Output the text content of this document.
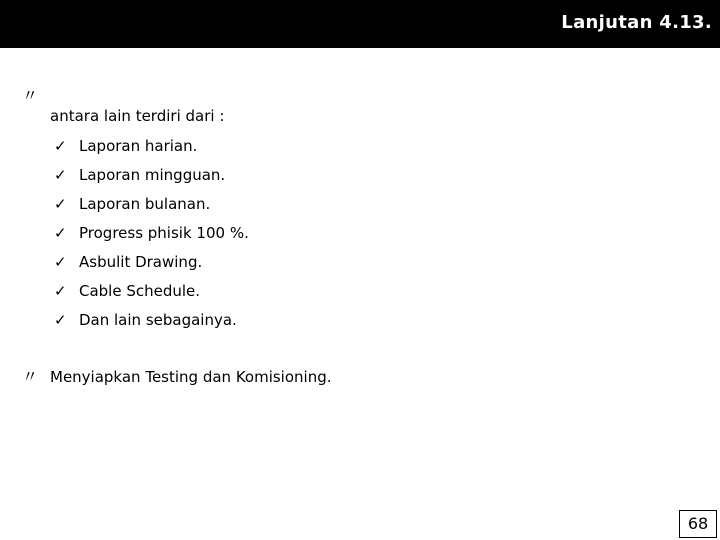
Lanjutan 4.13.
〃
antara lain terdiri dari :
✓ Laporan harian.
✓ Laporan mingguan.
✓ Laporan bulanan.
✓ Progress phisik 100 %.
✓ Asbulit Drawing.
✓ Cable Schedule.
✓ Dan lain sebagainya.
〃 Menyiapkan Testing dan Komisioning.
68
